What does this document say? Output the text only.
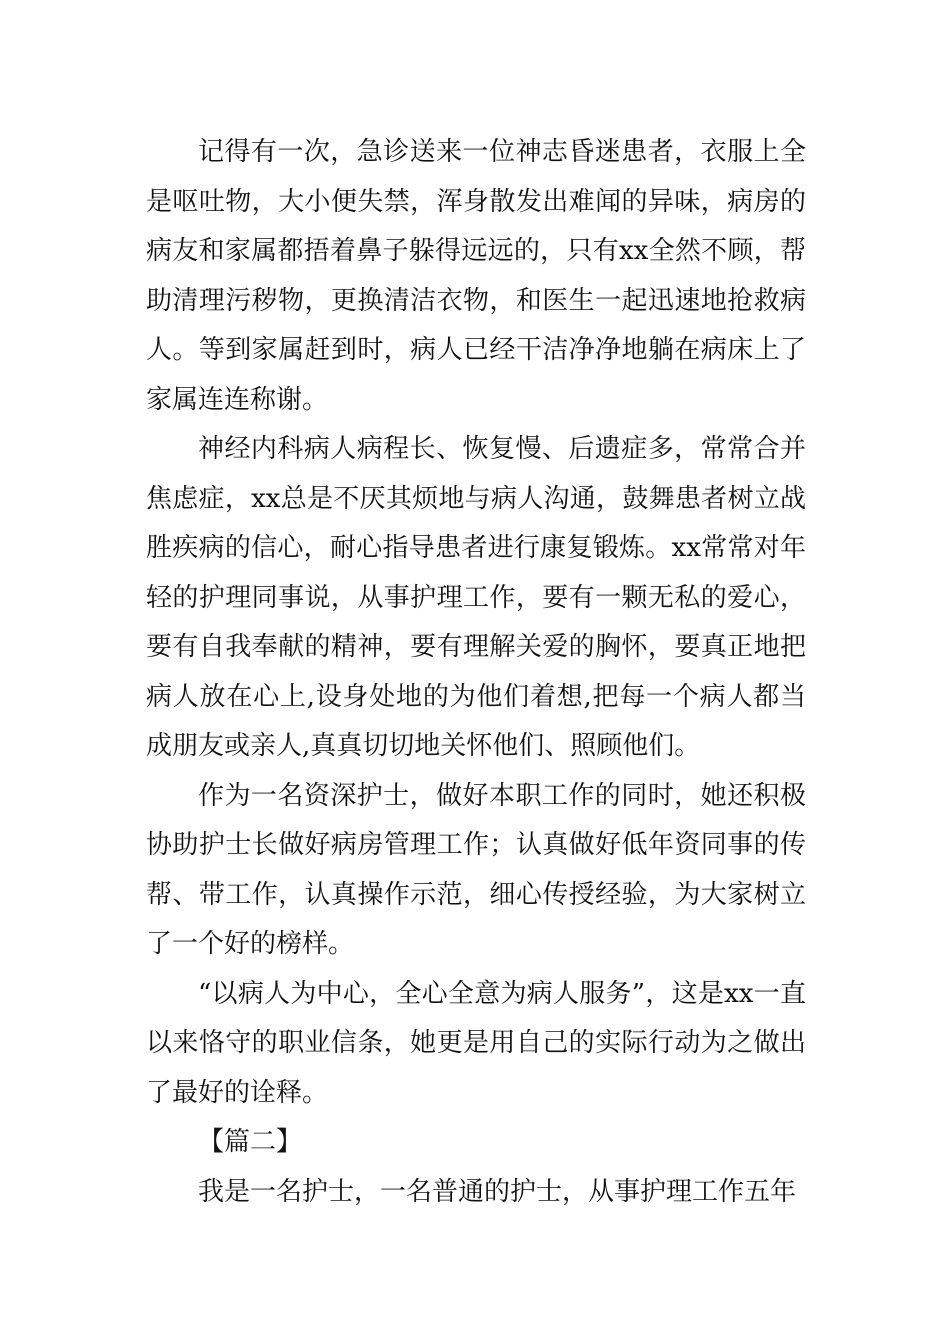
记得有一次，急诊送来一位神志昏迷患者，衣服上全是呕吐物，大小便失禁，浑身散发出难闻的异味，病房的病友和家属都捂着鼻子躲得远远的，只有xx全然不顾，帮助清理污秽物，更换清洁衣物，和医生一起迅速地抢救病人。等到家属赶到时，病人已经干洁净净地躺在病床上了家属连连称谢。

神经内科病人病程长、恢复慢、后遗症多，常常合并焦虑症，xx总是不厌其烦地与病人沟通，鼓舞患者树立战胜疾病的信心，耐心指导患者进行康复锻炼。xx常常对年轻的护理同事说，从事护理工作，要有一颗无私的爱心，要有自我奉献的精神，要有理解关爱的胸怀，要真正地把病人放在心上,设身处地的为他们着想,把每一个病人都当成朋友或亲人,真真切切地关怀他们、照顾他们。

作为一名资深护士，做好本职工作的同时，她还积极协助护士长做好病房管理工作；认真做好低年资同事的传帮、带工作，认真操作示范，细心传授经验，为大家树立了一个好的榜样。

“以病人为中心，全心全意为病人服务”，这是xx一直以来恪守的职业信条，她更是用自己的实际行动为之做出了最好的诠释。

【篇二】

我是一名护士，一名普通的护士，从事护理工作五年
